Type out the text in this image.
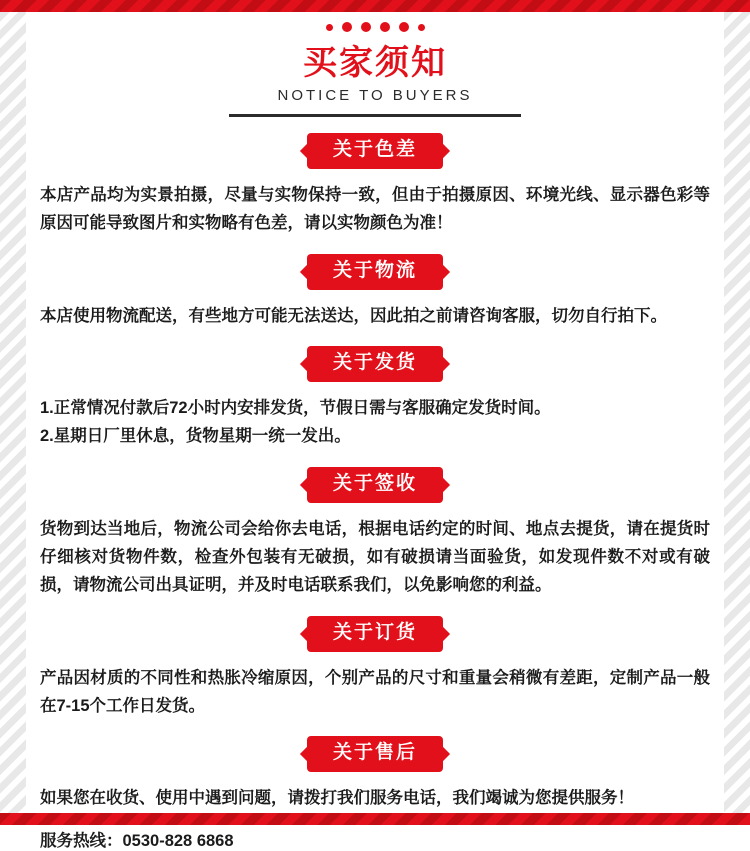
买家须知
NOTICE TO BUYERS
关于色差

本店产品均为实景拍摄，尽量与实物保持一致，但由于拍摄原因、环境光线、显示器色彩等原因可能导致图片和实物略有色差，请以实物颜色为准！

关于物流

本店使用物流配送，有些地方可能无法送达，因此拍之前请咨询客服，切勿自行拍下。

关于发货

1.正常情况付款后72小时内安排发货，节假日需与客服确定发货时间。

2.星期日厂里休息，货物星期一统一发出。

关于签收

货物到达当地后，物流公司会给你去电话，根据电话约定的时间、地点去提货，请在提货时仔细核对货物件数，检查外包装有无破损，如有破损请当面验货，如发现件数不对或有破损，请物流公司出具证明，并及时电话联系我们，以免影响您的利益。

关于订货

产品因材质的不同性和热胀冷缩原因，个别产品的尺寸和重量会稍微有差距，定制产品一般在7-15个工作日发货。

关于售后

如果您在收货、使用中遇到问题，请拨打我们服务电话，我们竭诚为您提供服务！

服务热线：0530-828 6868
